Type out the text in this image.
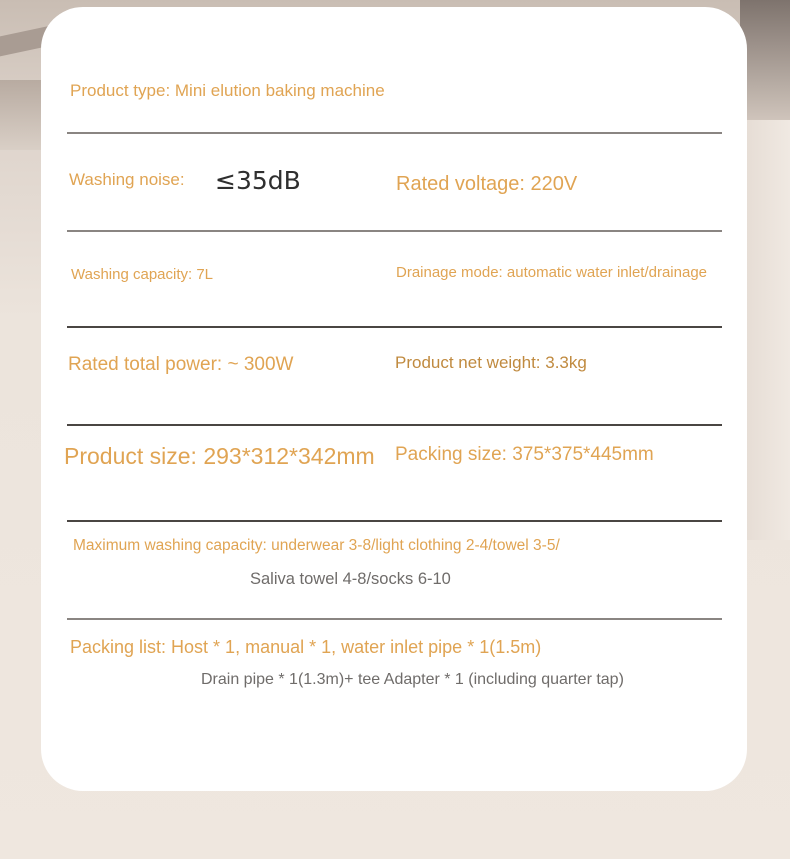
Product type: Mini elution baking machine
Washing noise: ≤35dB	Rated voltage: 220V
Washing capacity: 7L	Drainage mode: automatic water inlet/drainage
Rated total power: ~ 300W	Product net weight: 3.3kg
Product size: 293*312*342mm Packing size: 375*375*445mm
Maximum washing capacity: underwear 3-8/light clothing 2-4/towel 3-5/
Saliva towel 4-8/socks 6-10
Packing list: Host * 1, manual * 1, water inlet pipe * 1(1.5m)
Drain pipe * 1(1.3m)+ tee Adapter * 1 (including quarter tap)
